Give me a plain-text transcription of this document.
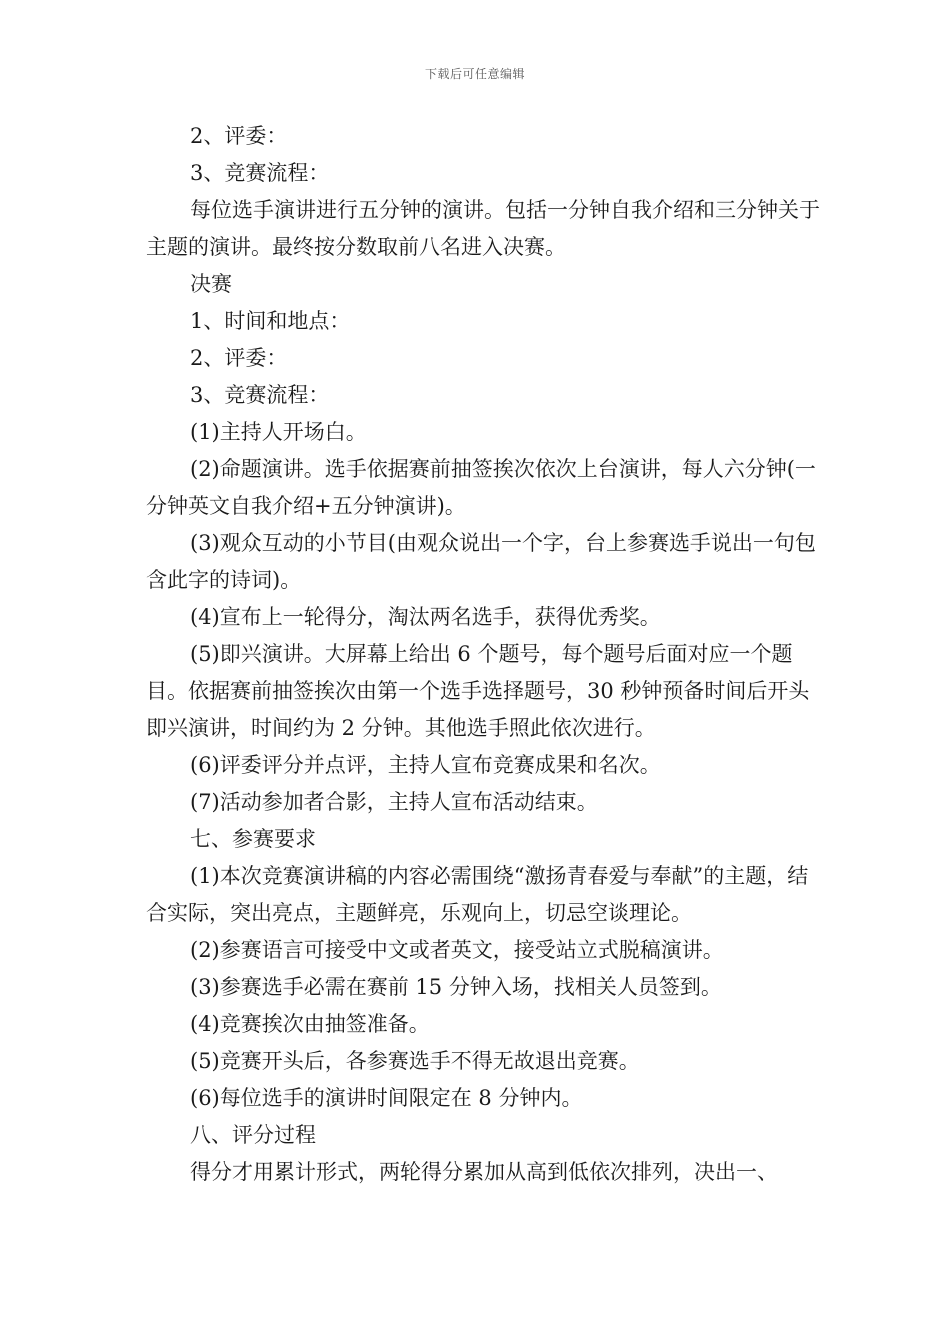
下载后可任意编辑

2、评委：

3、竞赛流程：

每位选手演讲进行五分钟的演讲。包括一分钟自我介绍和三分钟关于主题的演讲。最终按分数取前八名进入决赛。

决赛

1、时间和地点：

2、评委：

3、竞赛流程：

(1)主持人开场白。

(2)命题演讲。选手依据赛前抽签挨次依次上台演讲，每人六分钟(一分钟英文自我介绍+五分钟演讲)。

(3)观众互动的小节目(由观众说出一个字，台上参赛选手说出一句包含此字的诗词)。

(4)宣布上一轮得分，淘汰两名选手，获得优秀奖。

(5)即兴演讲。大屏幕上给出 6 个题号，每个题号后面对应一个题目。依据赛前抽签挨次由第一个选手选择题号，30 秒钟预备时间后开头即兴演讲，时间约为 2 分钟。其他选手照此依次进行。

(6)评委评分并点评，主持人宣布竞赛成果和名次。

(7)活动参加者合影，主持人宣布活动结束。

七、参赛要求

(1)本次竞赛演讲稿的内容必需围绕“激扬青春爱与奉献”的主题，结合实际，突出亮点，主题鲜亮，乐观向上，切忌空谈理论。

(2)参赛语言可接受中文或者英文，接受站立式脱稿演讲。

(3)参赛选手必需在赛前 15 分钟入场，找相关人员签到。

(4)竞赛挨次由抽签准备。

(5)竞赛开头后，各参赛选手不得无故退出竞赛。

(6)每位选手的演讲时间限定在 8 分钟内。

八、评分过程

得分才用累计形式，两轮得分累加从高到低依次排列，决出一、
